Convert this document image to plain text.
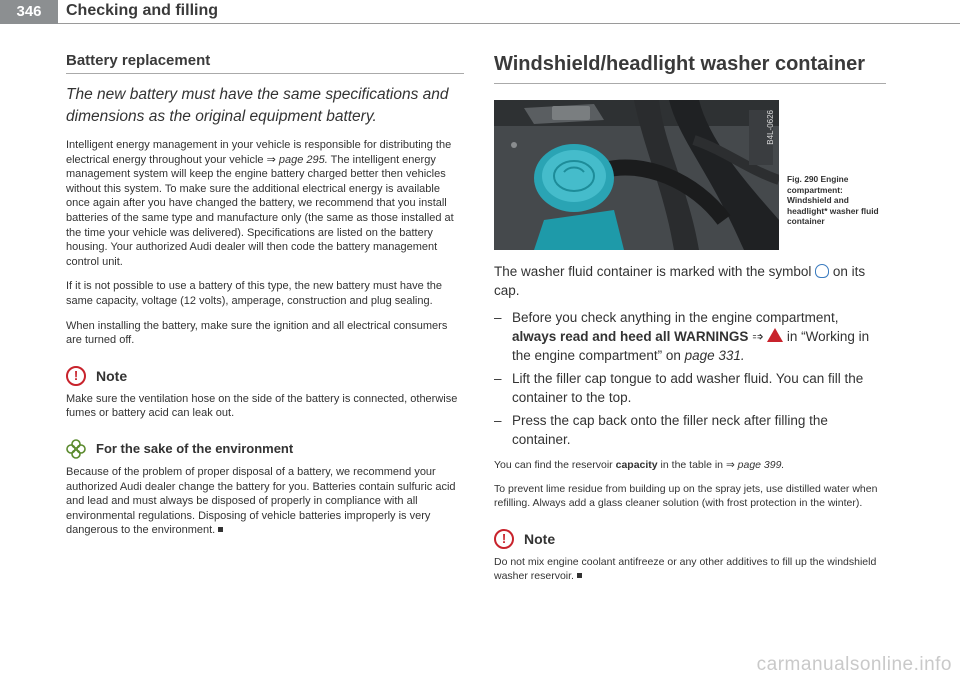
346	Checking and filling
Battery replacement
The new battery must have the same specifications and dimensions as the original equipment battery.

Intelligent energy management in your vehicle is responsible for distributing the electrical energy throughout your vehicle ⇒ page 295. The intelligent energy management system will keep the engine battery charged better then vehicles without this system. To make sure the additional electrical energy is available once again after you have changed the battery, we recommend that you install batteries of the same type and manufacture only (the same as those installed at the time your vehicle was delivered). Specifications are listed on the battery housing. Your authorized Audi dealer will then code the battery management control unit.

If it is not possible to use a battery of this type, the new battery must have the same capacity, voltage (12 volts), amperage, construction and plug sealing.

When installing the battery, make sure the ignition and all electrical consumers are turned off.

!	Note

Make sure the ventilation hose on the side of the battery is connected, otherwise fumes or battery acid can leak out.

For the sake of the environment

Because of the problem of proper disposal of a battery, we recommend your authorized Audi dealer change the battery for you. Batteries contain sulfuric acid and lead and must always be disposed of properly in compliance with all environmental regulations. Disposing of vehicle batteries improperly is very dangerous to the environment.

Windshield/headlight washer container
B4L-0626
Fig. 290 Engine compartment: Windshield and headlight* washer fluid container

The washer fluid container is marked with the symbol  on its cap.

– Before you check anything in the engine compartment, always read and heed all WARNINGS ⇒ ! in “Working in the engine compartment” on page 331.
– Lift the filler cap tongue to add washer fluid. You can fill the container to the top.
– Press the cap back onto the filler neck after filling the container.

You can find the reservoir capacity in the table in ⇒ page 399.

To prevent lime residue from building up on the spray jets, use distilled water when refilling. Always add a glass cleaner solution (with frost protection in the winter).

!	Note

Do not mix engine coolant antifreeze or any other additives to fill up the windshield washer reservoir.

carmanualsonline.info
